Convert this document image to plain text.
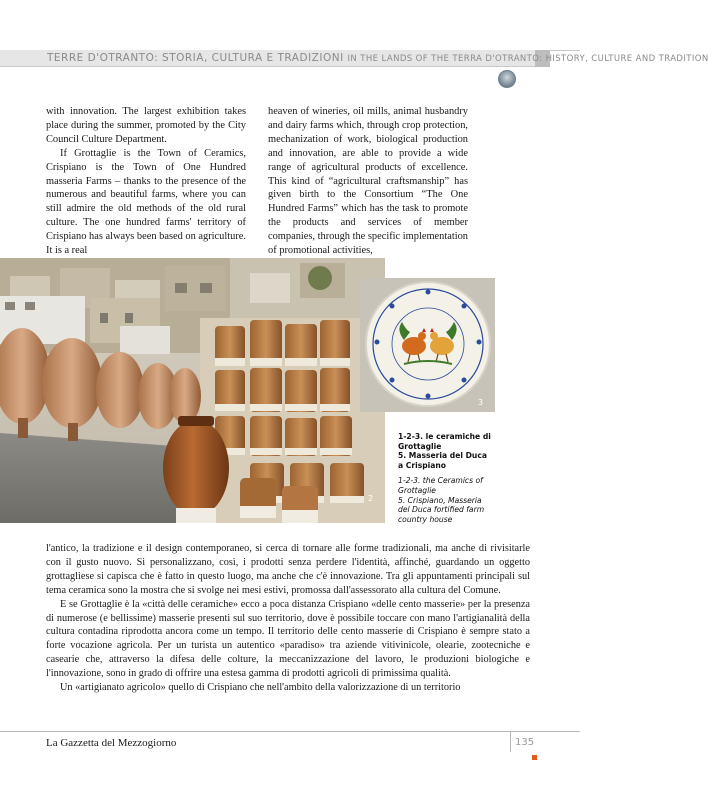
TERRE D'OTRANTO: STORIA, CULTURA E TRADIZIONI IN THE LANDS OF THE TERRA D'OTRANTO: HISTORY, CULTURE AND TRADITION

with innovation. The largest exhibition takes place during the summer, promoted by the City Council Culture Department.

If Grottaglie is the Town of Ceramics, Crispiano is the Town of One Hundred masseria Farms – thanks to the presence of the numerous and beautiful farms, where you can still admire the old methods of the old rural culture. The one hundred farms' territory of Crispiano has always been based on agriculture. It is a real

heaven of wineries, oil mills, animal husbandry and dairy farms which, through crop protection, mechanization of work, biological production and innovation, are able to provide a wide range of agricultural products of excellence. This kind of “agricultural craftsmanship” has given birth to the Consortium “The One Hundred Farms” which has the task to promote the products and services of member companies, through the specific implementation of promotional activities,

2
3
1-2-3. le ceramiche di Grottaglie
5. Masseria del Duca a Crispiano
1-2-3. the Ceramics of Grottaglie
5. Crispiano, Masseria del Duca fortified farm country house

l'antico, la tradizione e il design contemporaneo, si cerca di tornare alle forme tradizionali, ma anche di rivisitarle con il gusto nuovo. Si personalizzano, così, i prodotti senza perdere l'identità, affinché, guardando un oggetto grottagliese si capisca che è fatto in questo luogo, ma anche che c'è innovazione. Tra gli appuntamenti principali sul tema ceramica sono la mostra che si svolge nei mesi estivi, promossa dall'assessorato alla cultura del Comune.

E se Grottaglie è la «città delle ceramiche» ecco a poca distanza Crispiano «delle cento masserie» per la presenza di numerose (e bellissime) masserie presenti sul suo territorio, dove è possibile toccare con mano l'artigianalità della cultura contadina riprodotta ancora come un tempo. Il territorio delle cento masserie di Crispiano è sempre stato a forte vocazione agricola. Per un turista un autentico «paradiso» tra aziende vitivinicole, olearie, zootecniche e casearie che, attraverso la difesa delle colture, la meccanizzazione del lavoro, le produzioni biologiche e l'innovazione, sono in grado di offrire una estesa gamma di prodotti agricoli di primissima qualità.

Un «artigianato agricolo» quello di Crispiano che nell'ambito della valorizzazione di un territorio

La Gazzetta del Mezzogiorno	135
